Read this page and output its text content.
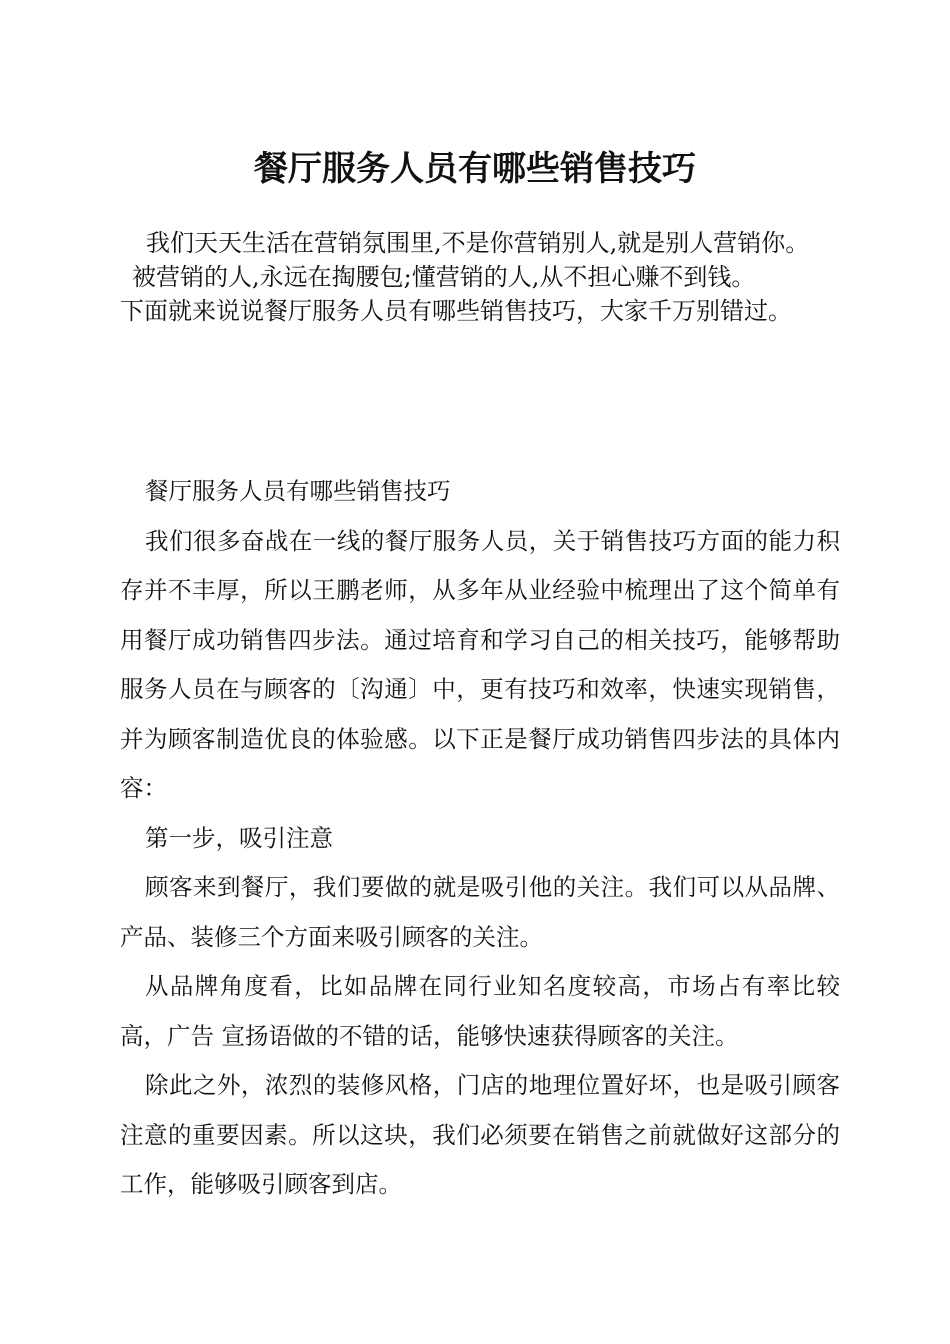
餐厅服务人员有哪些销售技巧
我们天天生活在营销氛围里,不是你营销别人,就是别人营销你。
被营销的人,永远在掏腰包;懂营销的人,从不担心赚不到钱。
下面就来说说餐厅服务人员有哪些销售技巧，大家千万别错过。

餐厅服务人员有哪些销售技巧

我们很多奋战在一线的餐厅服务人员，关于销售技巧方面的能力积存并不丰厚，所以王鹏老师，从多年从业经验中梳理出了这个简单有用餐厅成功销售四步法。通过培育和学习自己的相关技巧，能够帮助服务人员在与顾客的〔沟通〕中，更有技巧和效率，快速实现销售，并为顾客制造优良的体验感。以下正是餐厅成功销售四步法的具体内容：

第一步，吸引注意

顾客来到餐厅，我们要做的就是吸引他的关注。我们可以从品牌、产品、装修三个方面来吸引顾客的关注。

从品牌角度看，比如品牌在同行业知名度较高，市场占有率比较高，广告 宣扬语做的不错的话，能够快速获得顾客的关注。

除此之外，浓烈的装修风格，门店的地理位置好坏，也是吸引顾客注意的重要因素。所以这块，我们必须要在销售之前就做好这部分的工作，能够吸引顾客到店。
